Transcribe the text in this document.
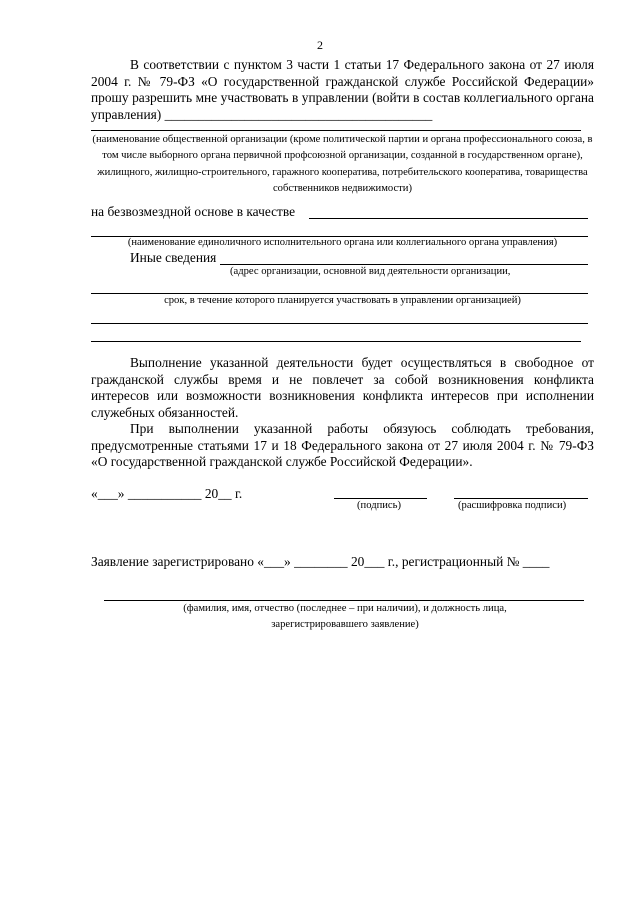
2

В соответствии с пунктом 3 части 1 статьи 17 Федерального закона от 27 июля 2004 г. № 79-ФЗ «О государственной гражданской службе Российской Федерации» прошу разрешить мне участвовать в управлении (войти в состав коллегиального органа управления) ________________________________________

(наименование общественной организации (кроме политической партии и органа профессионального союза, в том числе выборного органа первичной профсоюзной организации, созданной в государственном органе), жилищного, жилищно-строительного, гаражного кооператива, потребительского кооператива, товарищества собственников недвижимости)

на безвозмездной основе в качестве

(наименование единоличного исполнительного органа или коллегиального органа управления)

Иные сведения
(адрес организации, основной вид деятельности организации,

срок, в течение которого планируется участвовать в управлении организацией)

Выполнение указанной деятельности будет осуществляться в свободное от гражданской службы время и не повлечет за собой возникновения конфликта интересов или возможности возникновения конфликта интересов при исполнении служебных обязанностей.

При выполнении указанной работы обязуюсь соблюдать требования, предусмотренные статьями 17 и 18 Федерального закона от 27 июля 2004 г. № 79-ФЗ «О государственной гражданской службе Российской Федерации».

«___» ___________ 20__ г.
(подпись)	(расшифровка подписи)
Заявление зарегистрировано «___» ________ 20___ г., регистрационный № ____

(фамилия, имя, отчество (последнее – при наличии), и должность лица, зарегистрировавшего заявление)
